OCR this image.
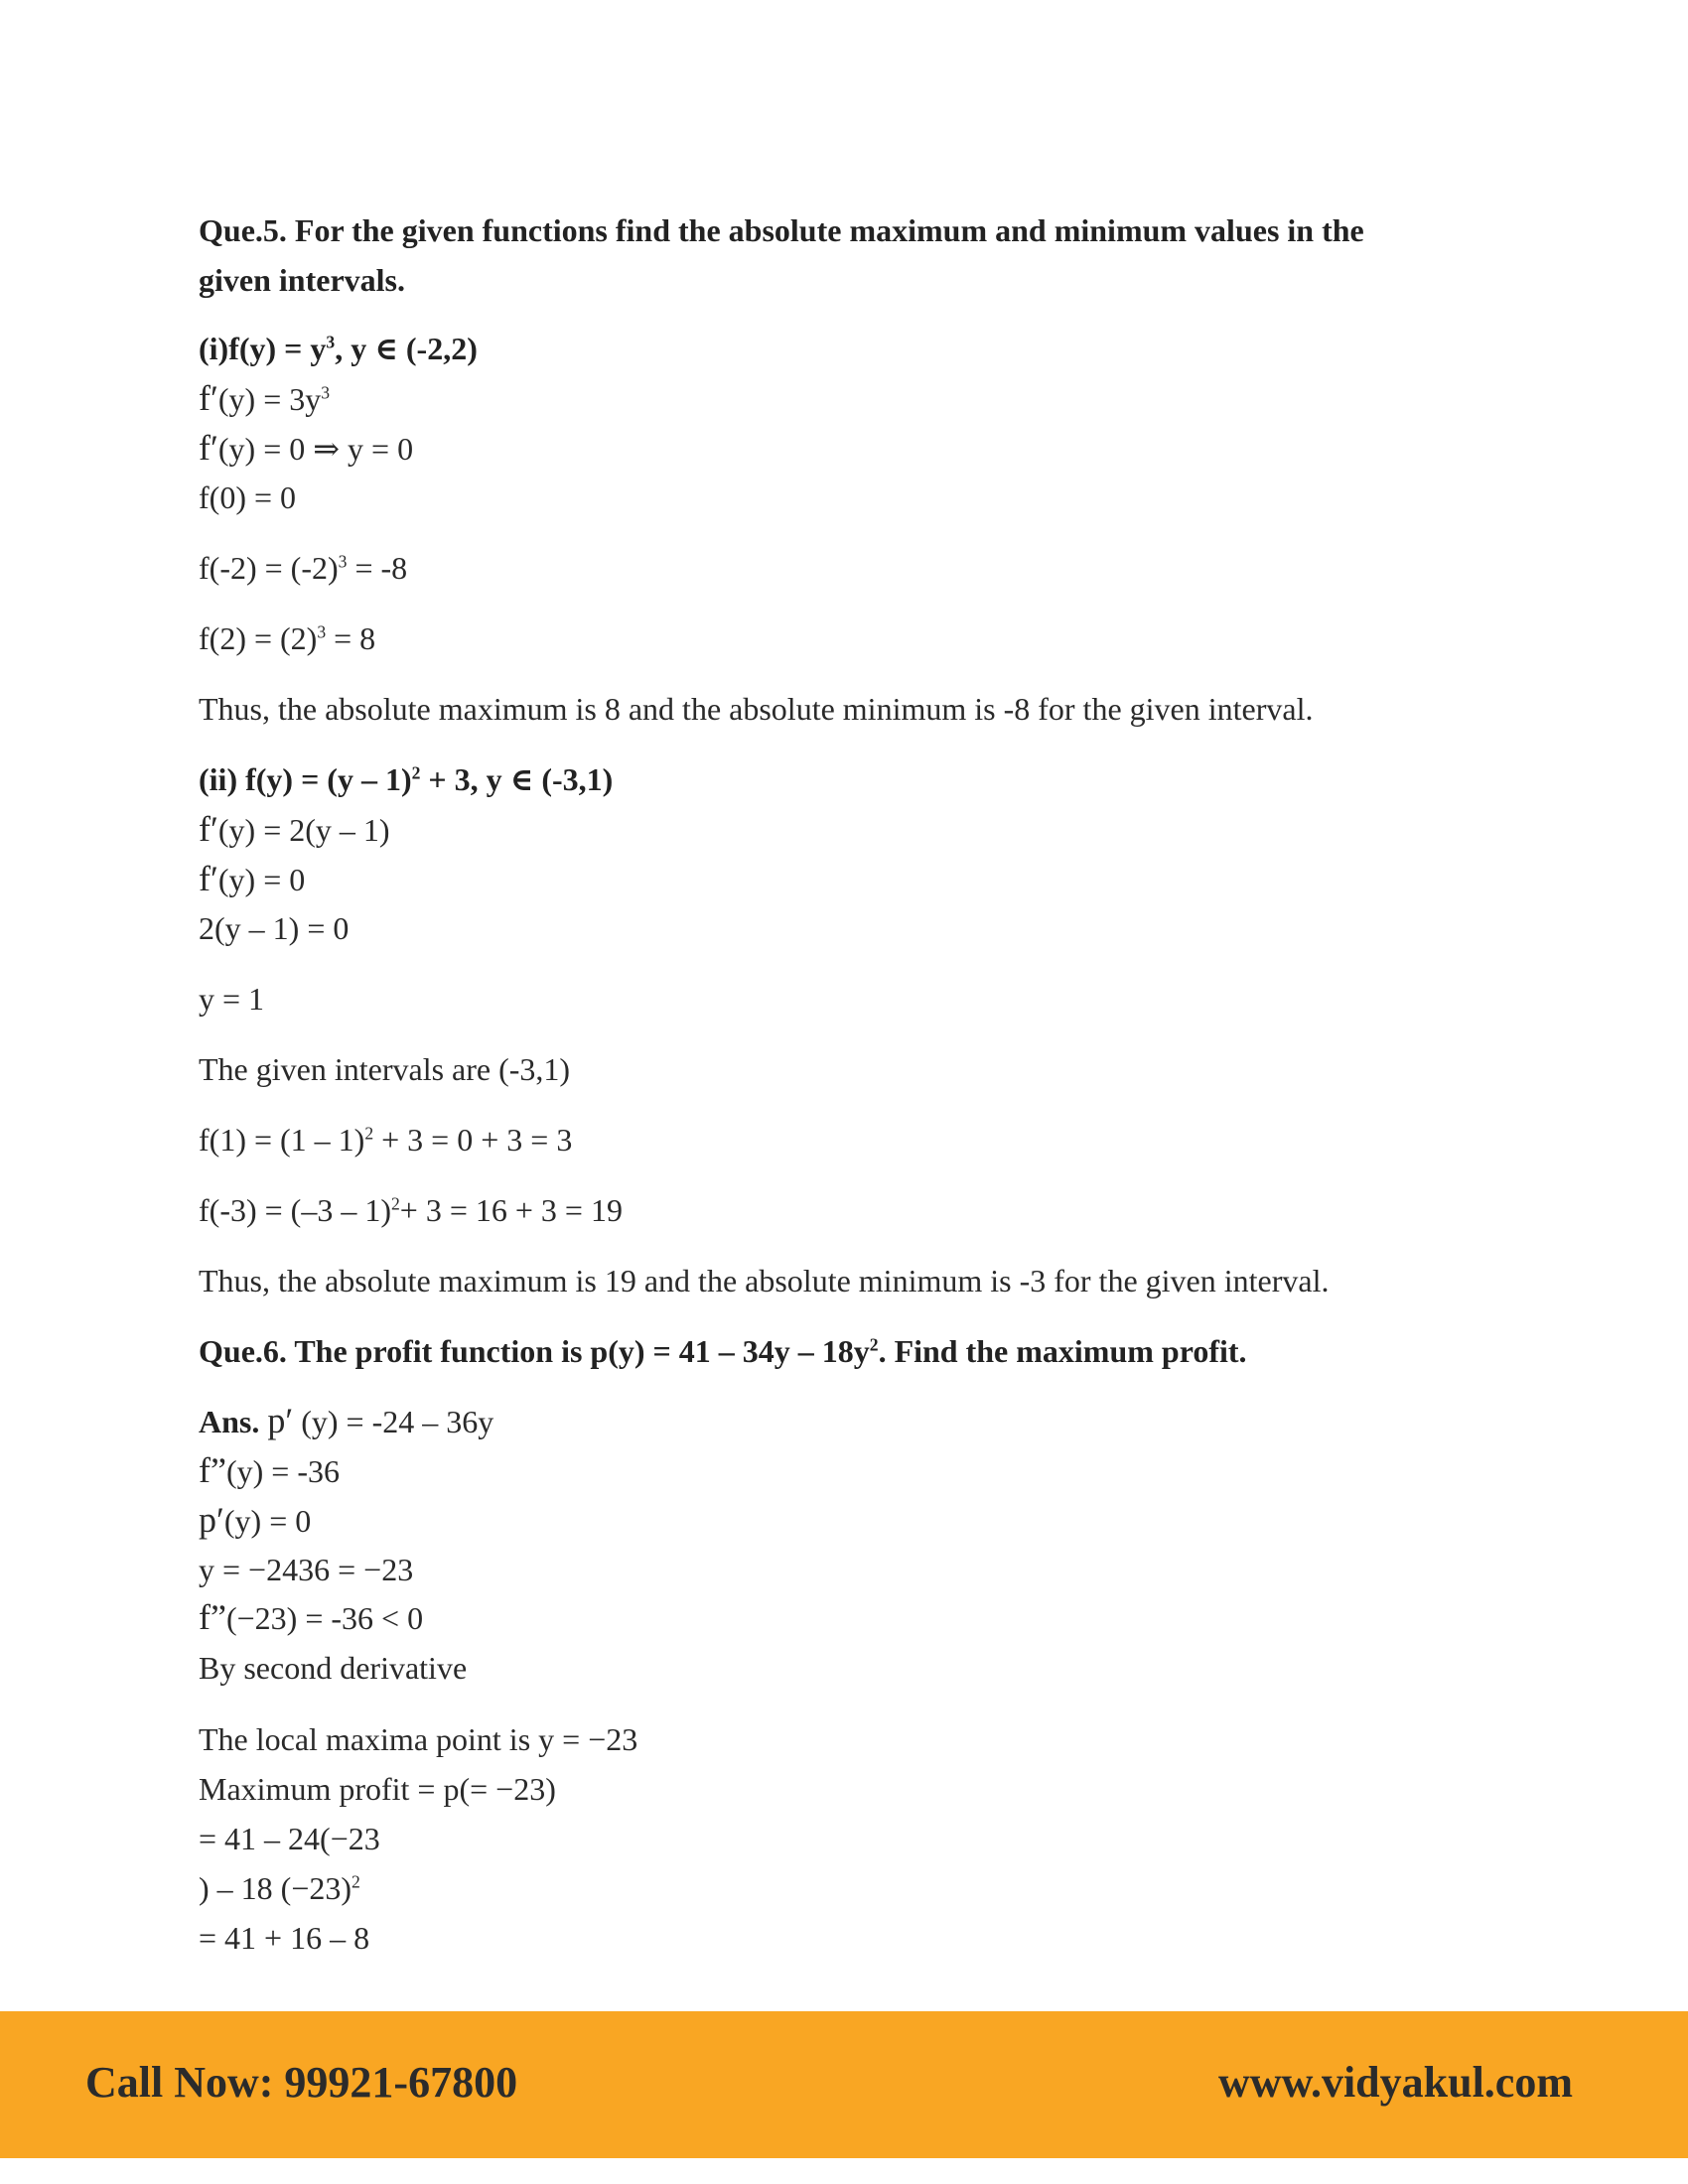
Que.5. For the given functions find the absolute maximum and minimum values in the
given intervals.
$(i)f(y) = y^3$, y ∈ (-2,2)
$f'(y) = 3y^3$
f′(y) = 0 ⇒ y = 0
f(0) = 0
$f(-2) = (-2)^3 = -8$
$f(2) = (2)^3 = 8$
Thus, the absolute maximum is 8 and the absolute minimum is -8 for the given interval.
(ii) f(y) = (y – 1)$^2$ + 3, y ∈ (-3,1)
f′(y) = 2(y – 1)
f′(y) = 0
2(y – 1) = 0
y = 1
The given intervals are (-3,1)
f(1) = (1 – 1)$^2$ + 3 = 0 + 3 = 3
f(-3) = (–3 – 1)$^2$+ 3 = 16 + 3 = 19
Thus, the absolute maximum is 19 and the absolute minimum is -3 for the given interval.
Que.6. The profit function is $p(y) = 41 - 34y - 18y^2$. Find the maximum profit.
Ans. p′ (y) = -24 – 36y
f”(y) = -36
p′(y) = 0
y = −2436 = −23
f”(−23) = -36 < 0
By second derivative
The local maxima point is y = −23
Maximum profit = p(= −23)
= 41 – 24(−23
) – 18 $(-23)^2$
= 41 + 16 – 8
Call Now: 99921-67800	www.vidyakul.com
